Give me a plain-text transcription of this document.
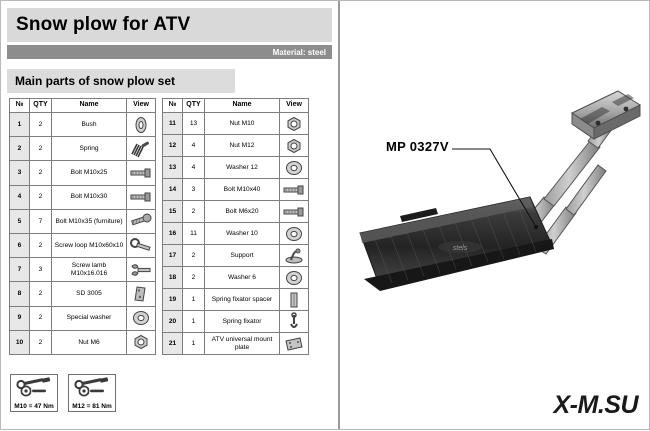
Snow plow for ATV
Material: steel
Main parts of snow plow set
№	QTY	Name	View
1	2	Bush	

2	2	Spring	

3	2	Bolt M10x25	

4	2	Bolt M10x30	

5	7	Bolt M10x35 (furniture)	

6	2	Screw loop M10x60x10	

7	3	Screw lamb M10x16.016	

8	2	SD 3005	

9	2	Special washer	

10	2	Nut M6	
№	QTY	Name	View
11	13	Nut M10	

12	4	Nut M12	

13	4	Washer 12	

14	3	Bolt M10x40	

15	2	Bolt M6x20	

16	11	Washer 10	

17	2	Support	

18	2	Washer 6	

19	1	Spring fixator spacer	

20	1	Spring fixator	

21	1	ATV universal mount plate	
M10 = 47 Nm	M12 = 81 Nm
stels
MP 0327V
X-M.SU
